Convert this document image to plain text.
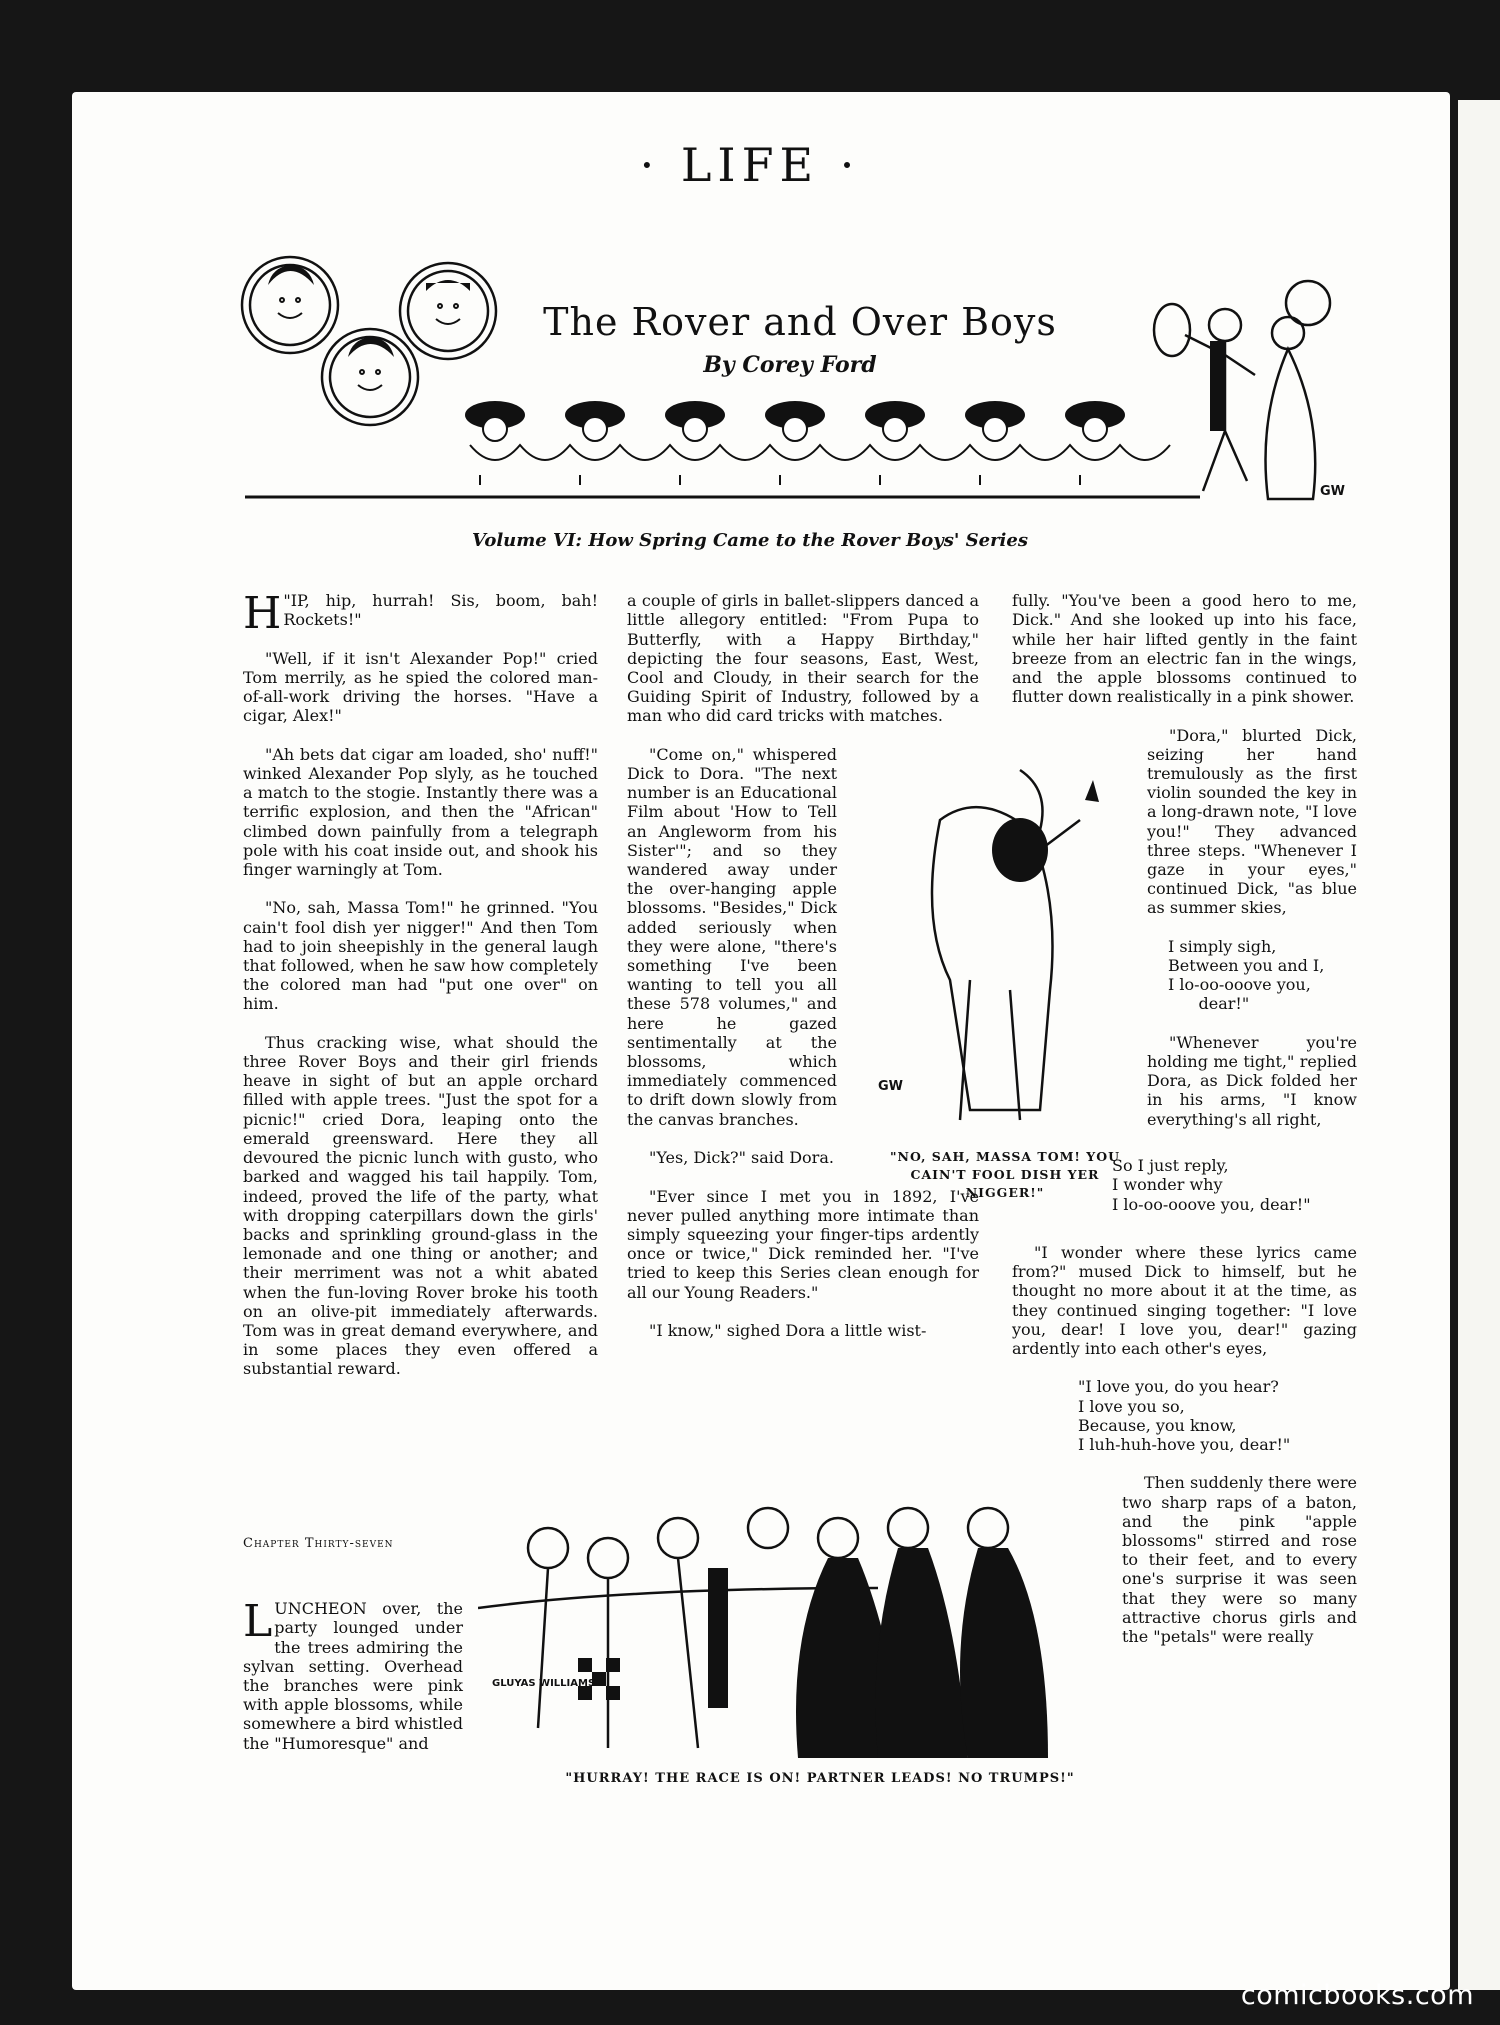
GW
· LIFE ·
The Rover and Over Boys
By Corey Ford
Volume VI: How Spring Came to the Rover Boys' Series

"
H IP, hip, hurrah! Sis, boom, bah! Rockets!"

"Well, if it isn't Alexander Pop!" cried Tom merrily, as he spied the colored man-of-all-work driving the horses. "Have a cigar, Alex!"

"Ah bets dat cigar am loaded, sho' nuff!" winked Alexander Pop slyly, as he touched a match to the stogie. Instantly there was a terrific explosion, and then the "African" climbed down painfully from a telegraph pole with his coat inside out, and shook his finger warningly at Tom.

"No, sah, Massa Tom!" he grinned. "You cain't fool dish yer nigger!" And then Tom had to join sheepishly in the general laugh that followed, when he saw how completely the colored man had "put one over" on him.

Thus cracking wise, what should the three Rover Boys and their girl friends heave in sight of but an apple orchard filled with apple trees. "Just the spot for a picnic!" cried Dora, leaping onto the emerald greensward. Here they all devoured the picnic lunch with gusto, who barked and wagged his tail happily. Tom, indeed, proved the life of the party, what with dropping caterpillars down the girls' backs and sprinkling ground-glass in the lemonade and one thing or another; and their merriment was not a whit abated when the fun-loving Rover broke his tooth on an olive-pit immediately afterwards. Tom was in great demand everywhere, and in some places they even offered a substantial reward.

Chapter Thirty-seven

LUNCHEON over, the party lounged under the trees admiring the sylvan setting. Overhead the branches were pink with apple blossoms, while somewhere a bird whistled the "Humoresque" and

a couple of girls in ballet-slippers danced a little allegory entitled: "From Pupa to Butterfly, with a Happy Birthday," depicting the four seasons, East, West, Cool and Cloudy, in their search for the Guiding Spirit of Industry, followed by a man who did card tricks with matches.

"Come on," whispered Dick to Dora. "The next number is an Educational Film about 'How to Tell an Angleworm from his Sister'"; and so they wandered away under the over-hanging apple blossoms. "Besides," Dick added seriously when they were alone, "there's something I've been wanting to tell you all these 578 volumes," and here he gazed sentimentally at the blossoms, which immediately commenced to drift down slowly from the canvas branches.

"Yes, Dick?" said Dora.

"Ever since I met you in 1892, I've never pulled anything more intimate than simply squeezing your finger-tips ardently once or twice," Dick reminded her. "I've tried to keep this Series clean enough for all our Young Readers."

"I know," sighed Dora a little wist-

GW
"NO, SAH, MASSA TOM! YOU CAIN'T FOOL DISH YER NIGGER!"

fully. "You've been a good hero to me, Dick." And she looked up into his face, while her hair lifted gently in the faint breeze from an electric fan in the wings, and the apple blossoms continued to flutter down realistically in a pink shower.

"Dora," blurted Dick, seizing her hand tremulously as the first violin sounded the key in a long-drawn note, "I love you!" They advanced three steps. "Whenever I gaze in your eyes," continued Dick, "as blue as summer skies,

I simply sigh,
Between you and I,
I lo-oo-ooove you,
dear!"

"Whenever you're holding me tight," replied Dora, as Dick folded her in his arms, "I know everything's all right,

So I just reply,
I wonder why
I lo-oo-ooove you, dear!"

"I wonder where these lyrics came from?" mused Dick to himself, but he thought no more about it at the time, as they continued singing together: "I love you, dear! I love you, dear!" gazing ardently into each other's eyes,

"I love you, do you hear?
I love you so,
Because, you know,
I luh-huh-hove you, dear!"

Then suddenly there were two sharp raps of a baton, and the pink "apple blossoms" stirred and rose to their feet, and to every one's surprise it was seen that they were so many attractive chorus girls and the "petals" were really

GLUYAS WILLIAMS
"HURRAY! THE RACE IS ON! PARTNER LEADS! NO TRUMPS!"
comicbooks.com
